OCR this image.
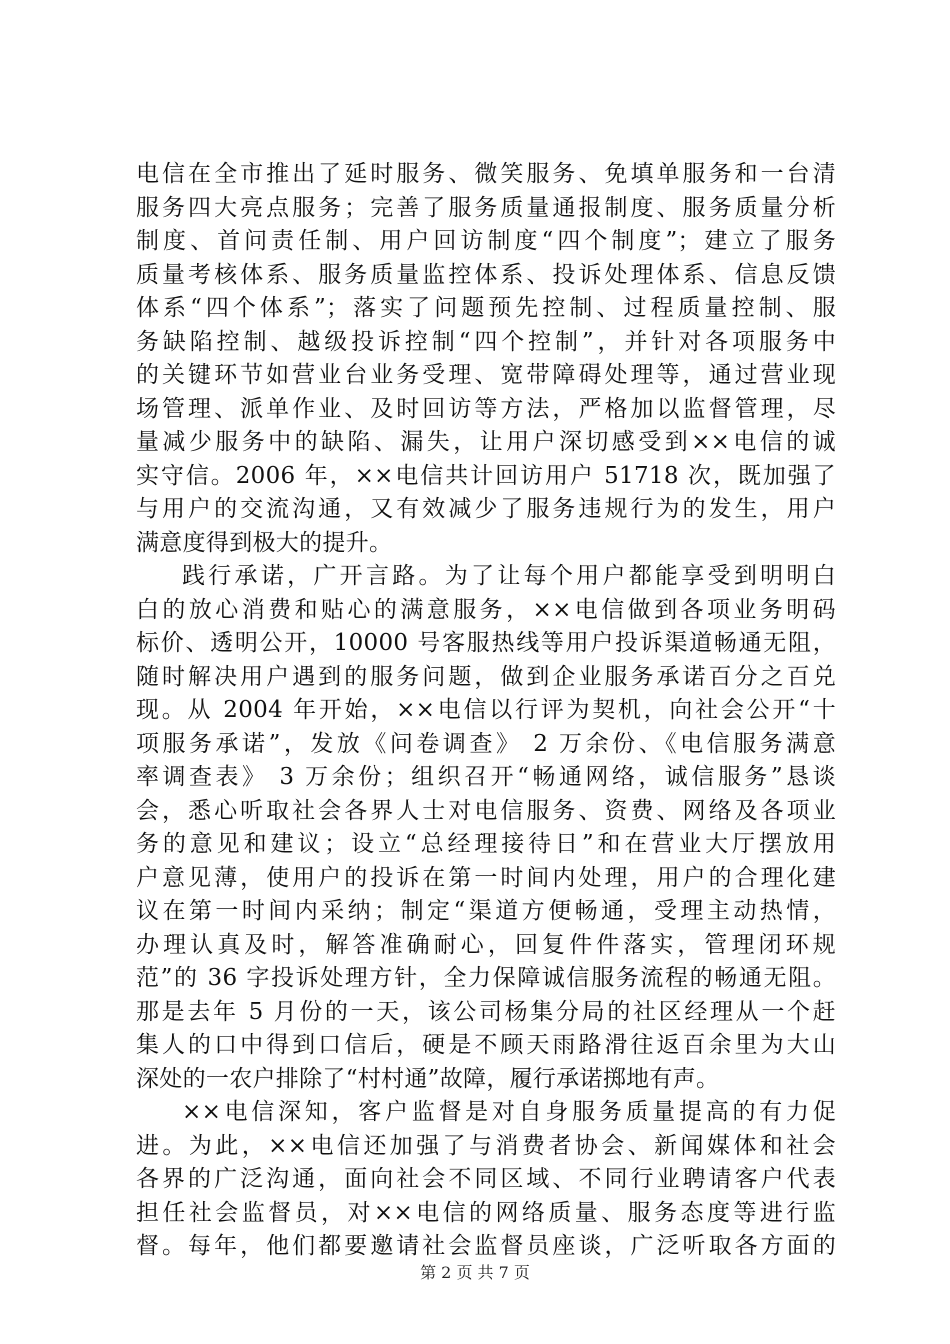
电信在全市推出了延时服务、微笑服务、免填单服务和一台清
服务四大亮点服务；完善了服务质量通报制度、服务质量分析
制度、首问责任制、用户回访制度“四个制度”；建立了服务
质量考核体系、服务质量监控体系、投诉处理体系、信息反馈
体系“四个体系”；落实了问题预先控制、过程质量控制、服
务缺陷控制、越级投诉控制“四个控制”，并针对各项服务中
的关键环节如营业台业务受理、宽带障碍处理等，通过营业现
场管理、派单作业、及时回访等方法，严格加以监督管理，尽
量减少服务中的缺陷、漏失，让用户深切感受到××电信的诚
实守信。2006 年，××电信共计回访用户 51718 次，既加强了
与用户的交流沟通，又有效减少了服务违规行为的发生，用户
满意度得到极大的提升。
践行承诺，广开言路。为了让每个用户都能享受到明明白
白的放心消费和贴心的满意服务，××电信做到各项业务明码
标价、透明公开，10000 号客服热线等用户投诉渠道畅通无阻，
随时解决用户遇到的服务问题，做到企业服务承诺百分之百兑
现。从 2004 年开始，××电信以行评为契机，向社会公开“十
项服务承诺”，发放《问卷调查》 2 万余份、《电信服务满意
率调查表》 3 万余份；组织召开“畅通网络，诚信服务”恳谈
会，悉心听取社会各界人士对电信服务、资费、网络及各项业
务的意见和建议；设立“总经理接待日”和在营业大厅摆放用
户意见薄，使用户的投诉在第一时间内处理，用户的合理化建
议在第一时间内采纳；制定“渠道方便畅通，受理主动热情，
办理认真及时，解答准确耐心，回复件件落实，管理闭环规
范”的 36 字投诉处理方针，全力保障诚信服务流程的畅通无阻。
那是去年 5 月份的一天，该公司杨集分局的社区经理从一个赶
集人的口中得到口信后，硬是不顾天雨路滑往返百余里为大山
深处的一农户排除了“村村通”故障，履行承诺掷地有声。
××电信深知，客户监督是对自身服务质量提高的有力促
进。为此，××电信还加强了与消费者协会、新闻媒体和社会
各界的广泛沟通，面向社会不同区域、不同行业聘请客户代表
担任社会监督员，对××电信的网络质量、服务态度等进行监
督。每年，他们都要邀请社会监督员座谈，广泛听取各方面的
第 2 页 共 7 页
